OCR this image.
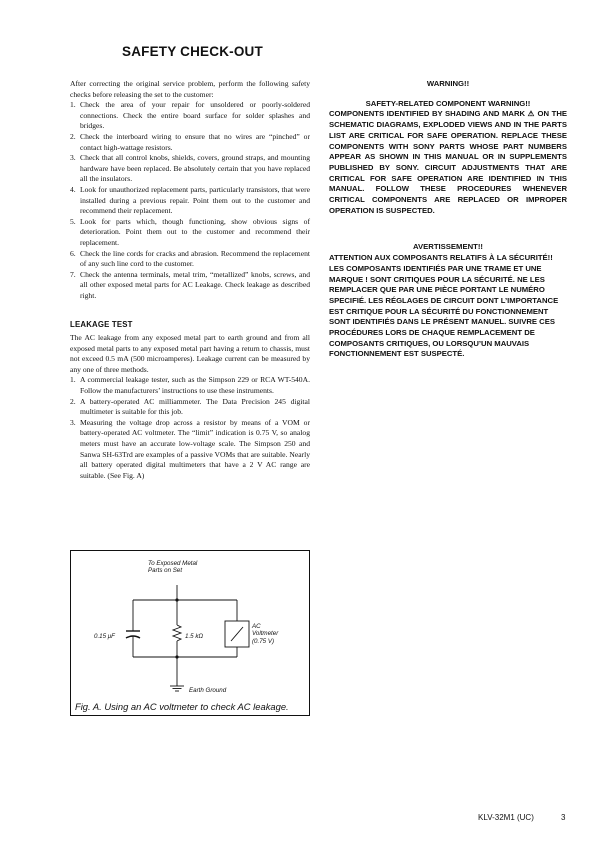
SAFETY CHECK-OUT

After correcting the original service problem, perform the following safety checks before releasing the set to the customer:

1. Check the area of your repair for unsoldered or poorly-soldered connections. Check the entire board surface for solder splashes and bridges.
2. Check the interboard wiring to ensure that no wires are “pinched” or contact high-wattage resistors.
3. Check that all control knobs, shields, covers, ground straps, and mounting hardware have been replaced. Be absolutely certain that you have replaced all the insulators.
4. Look for unauthorized replacement parts, particularly transistors, that were installed during a previous repair. Point them out to the customer and recommend their replacement.
5. Look for parts which, though functioning, show obvious signs of deterioration. Point them out to the customer and recommend their replacement.
6. Check the line cords for cracks and abrasion. Recommend the replacement of any such line cord to the customer.
7. Check the antenna terminals, metal trim, “metallized” knobs, screws, and all other exposed metal parts for AC Leakage. Check leakage as described right.
LEAKAGE TEST

The AC leakage from any exposed metal part to earth ground and from all exposed metal parts to any exposed metal part having a return to chassis, must not exceed 0.5 mA (500 microamperes). Leakage current can be measured by any one of three methods.

1. A commercial leakage tester, such as the Simpson 229 or RCA WT-540A. Follow the manufacturers’ instructions to use these instruments.
2. A battery-operated AC milliammeter. The Data Precision 245 digital multimeter is suitable for this job.
3. Measuring the voltage drop across a resistor by means of a VOM or battery-operated AC voltmeter. The “limit” indication is 0.75 V, so analog meters must have an accurate low-voltage scale. The Simpson 250 and Sanwa SH-63Trd are examples of a passive VOMs that are suitable. Nearly all battery operated digital multimeters that have a 2 V AC range are suitable. (See Fig. A)
WARNING!!
SAFETY-RELATED COMPONENT WARNING!!
COMPONENTS IDENTIFIED BY SHADING AND MARK ⚠ ON THE SCHEMATIC DIAGRAMS, EXPLODED VIEWS AND IN THE PARTS LIST ARE CRITICAL FOR SAFE OPERATION. REPLACE THESE COMPONENTS WITH SONY PARTS WHOSE PART NUMBERS APPEAR AS SHOWN IN THIS MANUAL OR IN SUPPLEMENTS PUBLISHED BY SONY. CIRCUIT ADJUSTMENTS THAT ARE CRITICAL FOR SAFE OPERATION ARE IDENTIFIED IN THIS MANUAL. FOLLOW THESE PROCEDURES WHENEVER CRITICAL COMPONENTS ARE REPLACED OR IMPROPER OPERATION IS SUSPECTED.
AVERTISSEMENT!!
ATTENTION AUX COMPOSANTS RELATIFS À LA SÉCURITÉ!!
LES COMPOSANTS IDENTIFIÉS PAR UNE TRAME ET UNE MARQUE ! SONT CRITIQUES POUR LA SÉCURITÉ. NE LES REMPLACER QUE PAR UNE PIÈCE PORTANT LE NUMÉRO SPECIFIÉ. LES RÉGLAGES DE CIRCUIT DONT L’IMPORTANCE EST CRITIQUE POUR LA SÉCURITÉ DU FONCTIONNEMENT SONT IDENTIFIÉS DANS LE PRÉSENT MANUEL. SUIVRE CES PROCÉDURES LORS DE CHAQUE REMPLACEMENT DE COMPOSANTS CRITIQUES, OU LORSQU’UN MAUVAIS FONCTIONNEMENT EST SUSPECTÉ.
To Exposed Metal
Parts on Set
0.15 μF	1.5 kΩ
AC
Voltmeter
(0.75 V)
Earth Ground
Fig. A. Using an AC voltmeter to check AC leakage.
KLV-32M1 (UC)	3
